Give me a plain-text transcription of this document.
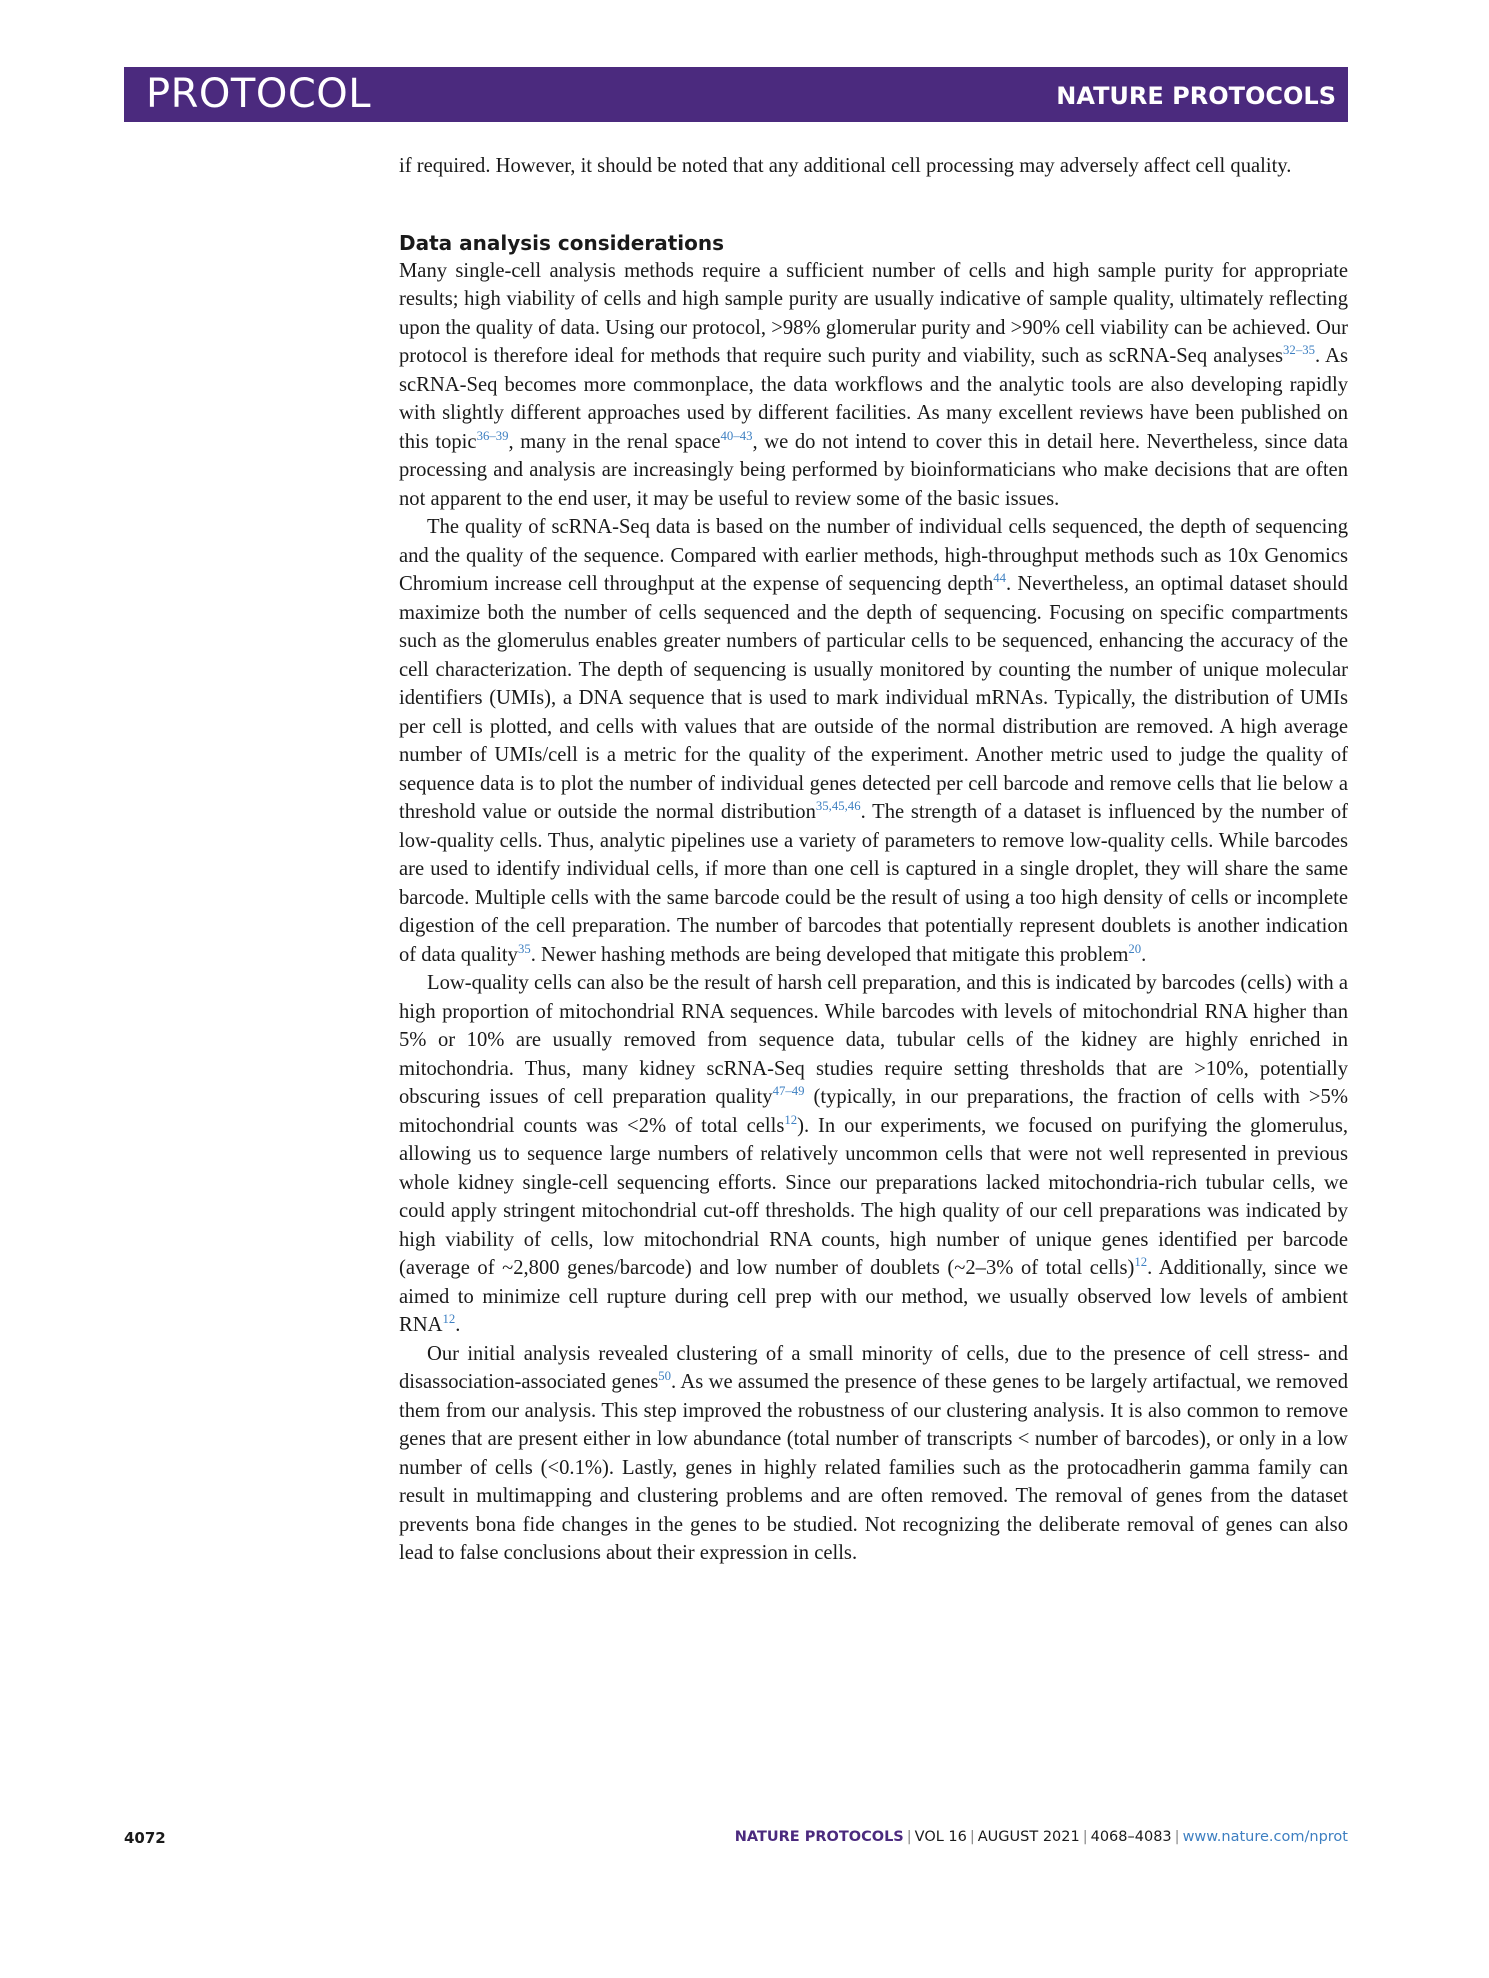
PROTOCOL	NATURE PROTOCOLS

if required. However, it should be noted that any additional cell processing may adversely affect cell quality.

Data analysis considerations

Many single-cell analysis methods require a sufficient number of cells and high sample purity for appropriate results; high viability of cells and high sample purity are usually indicative of sample quality, ultimately reflecting upon the quality of data. Using our protocol, >98% glomerular purity and >90% cell viability can be achieved. Our protocol is therefore ideal for methods that require such purity and viability, such as scRNA-Seq analyses$^{32-35}$. As scRNA-Seq becomes more commonplace, the data workflows and the analytic tools are also developing rapidly with slightly different approaches used by different facilities. As many excellent reviews have been published on this topic$^{36-39}$, many in the renal space$^{40-43}$, we do not intend to cover this in detail here. Nevertheless, since data processing and analysis are increasingly being performed by bioinformaticians who make decisions that are often not apparent to the end user, it may be useful to review some of the basic issues.

The quality of scRNA-Seq data is based on the number of individual cells sequenced, the depth of sequencing and the quality of the sequence. Compared with earlier methods, high-throughput methods such as 10x Genomics Chromium increase cell throughput at the expense of sequencing depth$^{44}$. Nevertheless, an optimal dataset should maximize both the number of cells sequenced and the depth of sequencing. Focusing on specific compartments such as the glomerulus enables greater numbers of particular cells to be sequenced, enhancing the accuracy of the cell characterization. The depth of sequencing is usually monitored by counting the number of unique molecular identifiers (UMIs), a DNA sequence that is used to mark individual mRNAs. Typically, the distribution of UMIs per cell is plotted, and cells with values that are outside of the normal distribution are removed. A high average number of UMIs/cell is a metric for the quality of the experiment. Another metric used to judge the quality of sequence data is to plot the number of individual genes detected per cell barcode and remove cells that lie below a threshold value or outside the normal distribution$^{35,45,46}$. The strength of a dataset is influenced by the number of low-quality cells. Thus, analytic pipelines use a variety of parameters to remove low-quality cells. While barcodes are used to identify individual cells, if more than one cell is captured in a single droplet, they will share the same barcode. Multiple cells with the same barcode could be the result of using a too high density of cells or incomplete digestion of the cell preparation. The number of barcodes that potentially represent doublets is another indication of data quality$^{35}$. Newer hashing methods are being developed that mitigate this problem$^{20}$.

Low-quality cells can also be the result of harsh cell preparation, and this is indicated by barcodes (cells) with a high proportion of mitochondrial RNA sequences. While barcodes with levels of mitochondrial RNA higher than 5% or 10% are usually removed from sequence data, tubular cells of the kidney are highly enriched in mitochondria. Thus, many kidney scRNA-Seq studies require setting thresholds that are >10%, potentially obscuring issues of cell preparation quality$^{47-49}$ (typically, in our preparations, the fraction of cells with >5% mitochondrial counts was <2% of total cells$^{12}$). In our experiments, we focused on purifying the glomerulus, allowing us to sequence large numbers of relatively uncommon cells that were not well represented in previous whole kidney single-cell sequencing efforts. Since our preparations lacked mitochondria-rich tubular cells, we could apply stringent mitochondrial cut-off thresholds. The high quality of our cell preparations was indicated by high viability of cells, low mitochondrial RNA counts, high number of unique genes identified per barcode (average of ~2,800 genes/barcode) and low number of doublets (~2–3% of total cells)$^{12}$. Additionally, since we aimed to minimize cell rupture during cell prep with our method, we usually observed low levels of ambient RNA$^{12}$.

Our initial analysis revealed clustering of a small minority of cells, due to the presence of cell stress- and disassociation-associated genes$^{50}$. As we assumed the presence of these genes to be largely artifactual, we removed them from our analysis. This step improved the robustness of our clustering analysis. It is also common to remove genes that are present either in low abundance (total number of transcripts < number of barcodes), or only in a low number of cells (<0.1%). Lastly, genes in highly related families such as the protocadherin gamma family can result in multimapping and clustering problems and are often removed. The removal of genes from the dataset prevents bona fide changes in the genes to be studied. Not recognizing the deliberate removal of genes can also lead to false conclusions about their expression in cells.

4072	NATURE PROTOCOLS | VOL 16 | AUGUST 2021 | 4068–4083 | www.nature.com/nprot
